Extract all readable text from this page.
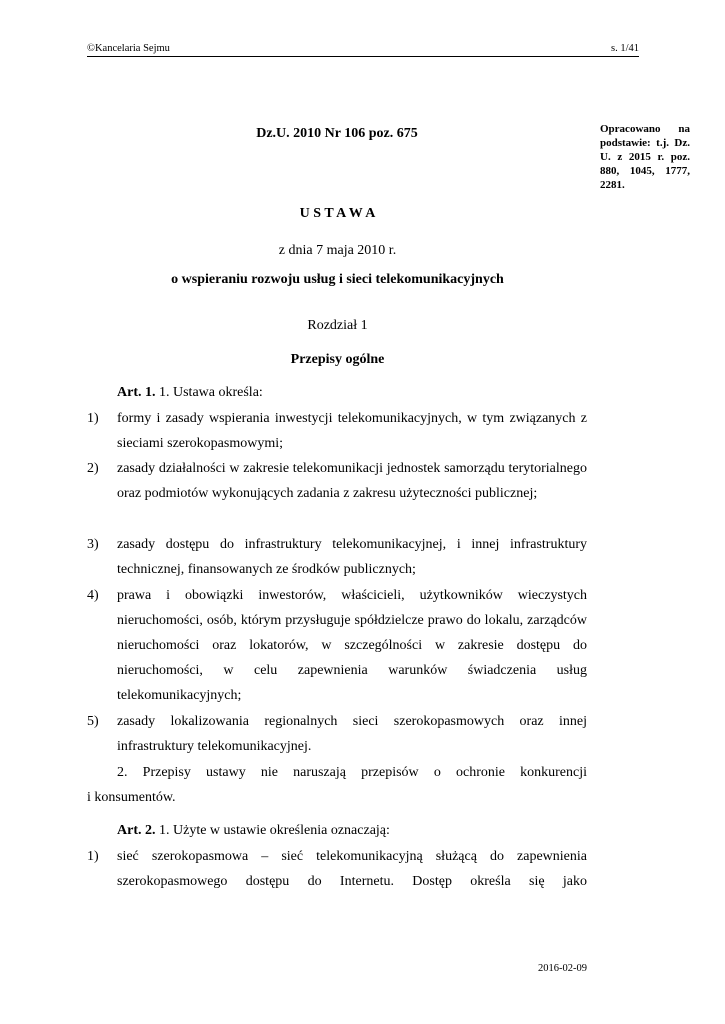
©Kancelaria Sejmu	s. 1/41
Dz.U. 2010 Nr 106 poz. 675	Opracowano na podstawie: t.j. Dz. U. z 2015 r. poz. 880, 1045, 1777, 2281.
U S T A W A
z dnia 7 maja 2010 r.
o wspieraniu rozwoju usług i sieci telekomunikacyjnych
Rozdział 1
Przepisy ogólne
Art. 1. 1. Ustawa określa:
1)	formy i zasady wspierania inwestycji telekomunikacyjnych, w tym związanych z sieciami szerokopasmowymi;
2)	zasady działalności w zakresie telekomunikacji jednostek samorządu terytorialnego oraz podmiotów wykonujących zadania z zakresu użyteczności publicznej;
3)	zasady dostępu do infrastruktury telekomunikacyjnej, i innej infrastruktury technicznej, finansowanych ze środków publicznych;
4)	prawa i obowiązki inwestorów, właścicieli, użytkowników wieczystych nieruchomości, osób, którym przysługuje spółdzielcze prawo do lokalu, zarządców nieruchomości oraz lokatorów, w szczególności w zakresie dostępu do nieruchomości, w celu zapewnienia warunków świadczenia usług telekomunikacyjnych;
5)	zasady lokalizowania regionalnych sieci szerokopasmowych oraz innej infrastruktury telekomunikacyjnej.
2. Przepisy ustawy nie naruszają przepisów o ochronie konkurencji
i konsumentów.
Art. 2. 1. Użyte w ustawie określenia oznaczają:
1)	sieć szerokopasmowa – sieć telekomunikacyjną służącą do zapewnienia
szerokopasmowego dostępu do Internetu. Dostęp określa się jako
2016-02-09
